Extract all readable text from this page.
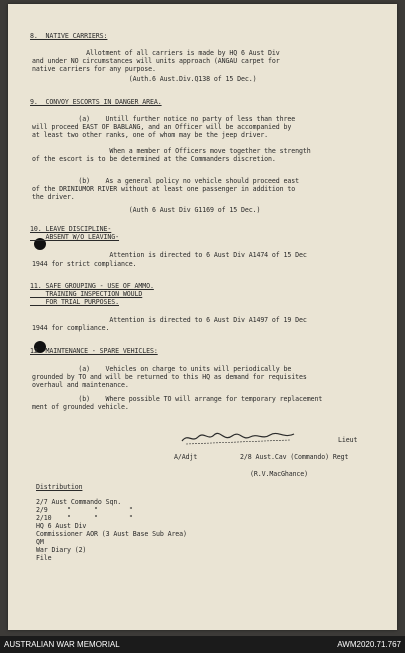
8.  NATIVE CARRIERS:
Allotment of all carriers is made by HQ 6 Aust Div
and under NO circumstances will units approach (ANGAU carpet for
native carriers for any purpose.
(Auth.6 Aust.Div.Q138 of 15 Dec.)
9.  CONVOY ESCORTS IN DANGER AREA.
(a)    Untill further notice no party of less than three
will proceed EAST OF BABLANG, and an Officer will be accompanied by
at least two other ranks, one of whom may be the jeep driver.
When a member of Officers move together the strength
of the escort is to be determined at the Commanders discretion.
(b)    As a general policy no vehicle should proceed east
of the DRINIUMOR RIVER without at least one passenger in addition to
the driver.
(Auth 6 Aust Div G1169 of 15 Dec.)
10. LEAVE DISCIPLINE-
ABSENT W/O LEAVING-
Attention is directed to 6 Aust Div A1474 of 15 Dec
1944 for strict compliance.
11. SAFE GROUPING - USE OF AMMO.
TRAINING INSPECTION WOULD
FOR TRIAL PURPOSES.
Attention is directed to 6 Aust Div A1497 of 19 Dec
1944 for compliance.
12. MAINTENANCE - SPARE VEHICLES:
(a)    Vehicles on charge to units will periodically be
grounded by TO and will be returned to this HQ as demand for requisites
overhaul and maintenance.
(b)    Where possible TO will arrange for temporary replacement
ment of grounded vehicle.
Lieut
A/Adjt	2/8 Aust.Cav (Commando) Regt
(R.V.MacGhance)
Distribution
2/7 Aust Commando Sqn.
2/9     "      "        "
2/10    "      "        "
HQ 6 Aust Div
Commissioner AOR (3 Aust Base Sub Area)
QM
War Diary (2)
File
AUSTRALIAN WAR MEMORIAL	AWM2020.71.767
